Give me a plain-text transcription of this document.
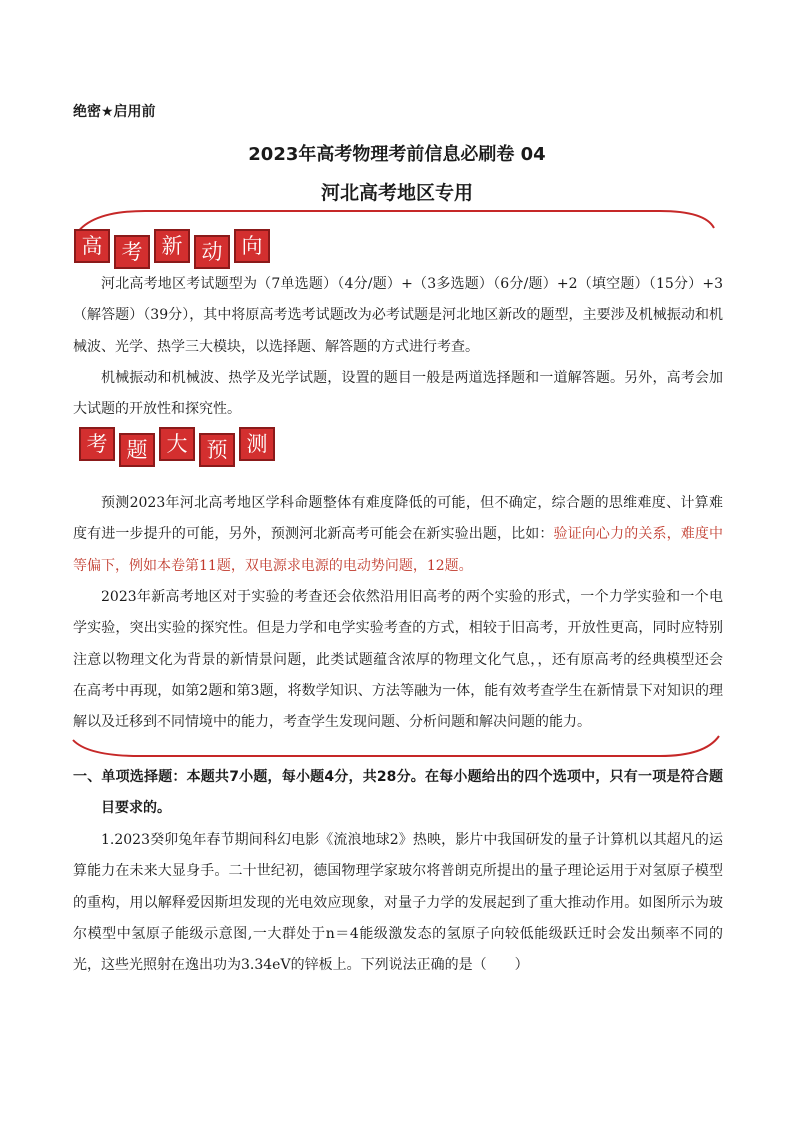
绝密★启用前
2023年高考物理考前信息必刷卷 04
河北高考地区专用
高 考 新 动 向
河北高考地区考试题型为（7单选题）（4分/题）+（3多选题）（6分/题）+2（填空题）（15分）+3（解答题）（39分），其中将原高考选考试题改为必考试题是河北地区新改的题型，主要涉及机械振动和机械波、光学、热学三大模块，以选择题、解答题的方式进行考查。
机械振动和机械波、热学及光学试题，设置的题目一般是两道选择题和一道解答题。另外，高考会加大试题的开放性和探究性。
考 题 大 预 测
预测2023年河北高考地区学科命题整体有难度降低的可能，但不确定，综合题的思维难度、计算难度有进一步提升的可能，另外，预测河北新高考可能会在新实验出题，比如：验证向心力的关系，难度中等偏下，例如本卷第11题，双电源求电源的电动势问题，12题。
2023年新高考地区对于实验的考查还会依然沿用旧高考的两个实验的形式，一个力学实验和一个电学实验，突出实验的探究性。但是力学和电学实验考查的方式，相较于旧高考，开放性更高，同时应特别注意以物理文化为背景的新情景问题，此类试题蕴含浓厚的物理文化气息，，还有原高考的经典模型还会在高考中再现，如第2题和第3题，将数学知识、方法等融为一体，能有效考查学生在新情景下对知识的理解以及迁移到不同情境中的能力，考查学生发现问题、分析问题和解决问题的能力。
一、单项选择题：本题共7小题，每小题4分，共28分。在每小题给出的四个选项中，只有一项是符合题目要求的。
1.2023癸卯兔年春节期间科幻电影《流浪地球2》热映，影片中我国研发的量子计算机以其超凡的运算能力在未来大显身手。二十世纪初，德国物理学家玻尔将普朗克所提出的量子理论运用于对氢原子模型的重构，用以解释爱因斯坦发现的光电效应现象，对量子力学的发展起到了重大推动作用。如图所示为玻尔模型中氢原子能级示意图,一大群处于n＝4能级激发态的氢原子向较低能级跃迁时会发出频率不同的光，这些光照射在逸出功为3.34eV的锌板上。下列说法正确的是（　　）
